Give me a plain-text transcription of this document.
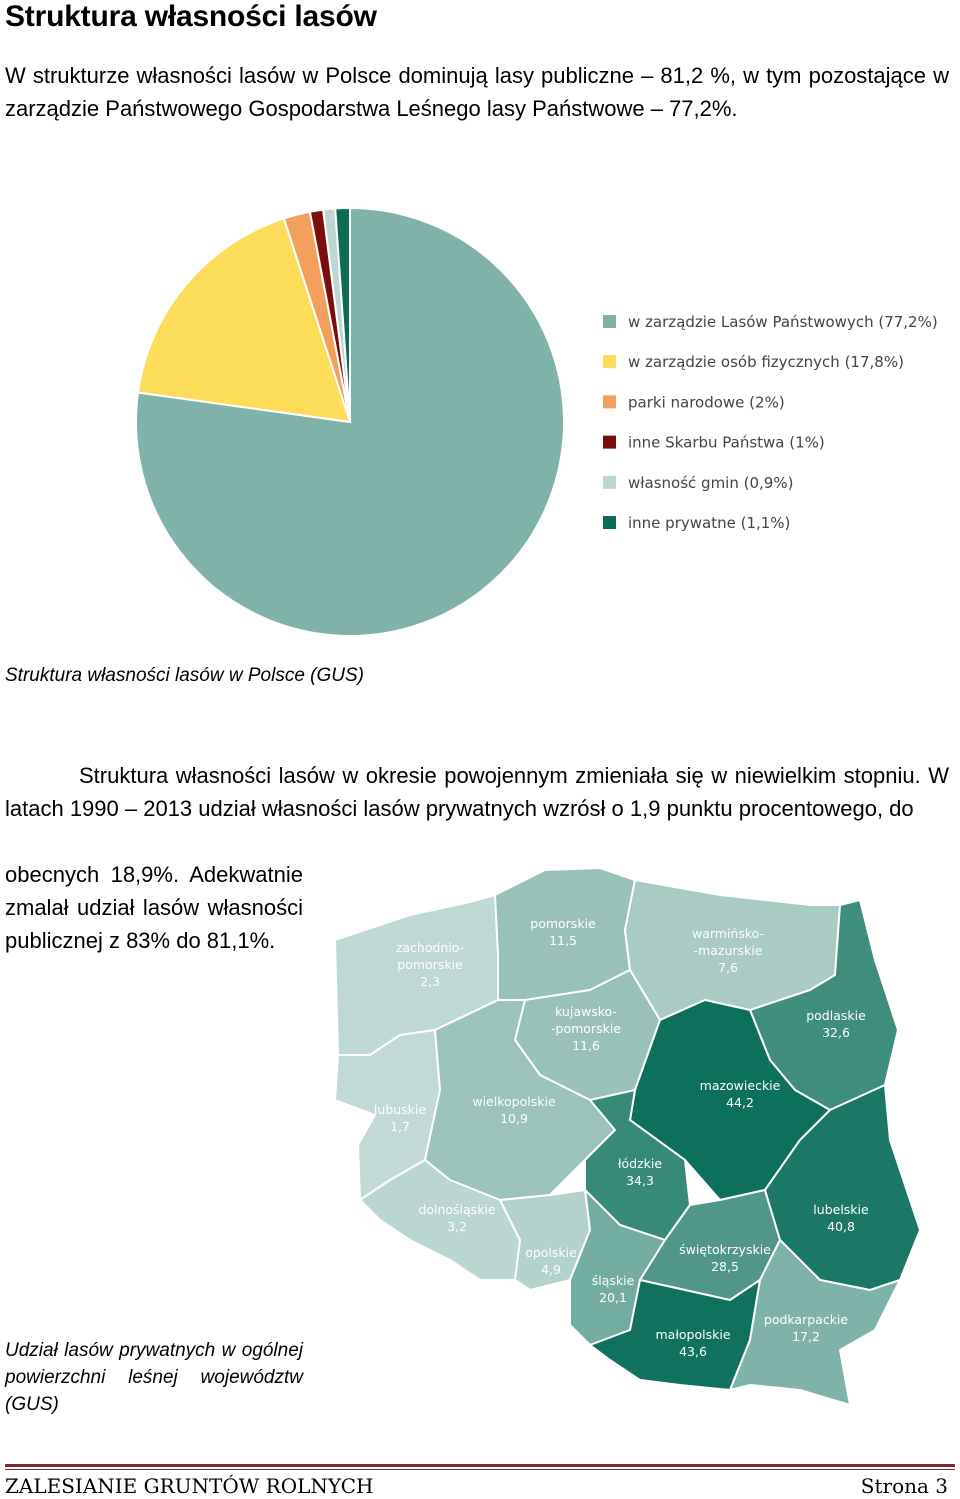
Struktura własności lasów

W strukturze własności lasów w Polsce dominują lasy publiczne – 81,2 %, w tym pozostające w zarządzie Państwowego Gospodarstwa Leśnego lasy Państwowe – 77,2%.

w zarządzie Lasów Państwowych (77,2%)
w zarządzie osób fizycznych (17,8%)
parki narodowe (2%)
inne Skarbu Państwa (1%)
własność gmin (0,9%)
inne prywatne (1,1%)

Struktura własności lasów w Polsce (GUS)

Struktura własności lasów w okresie powojennym zmieniała się w niewielkim stopniu. W latach 1990 – 2013 udział własności lasów prywatnych wzrósł o 1,9 punktu procentowego, do

obecnych 18,9%. Adekwatnie zmalał udział lasów własności publicznej z 83% do 81,1%.	zachodnio-
pomorskie
2,3
pomorskie
11,5	warmińsko-
-mazurskie
7,6
podlaskie
32,6
kujawsko-
-pomorskie
11,6
mazowieckie
44,2
lubuskie
1,7
wielkopolskie
10,9
łódzkie
34,3
dolnośląskie
3,2
opolskie
4,9
śląskie
20,1
świętokrzyskie
28,5
lubelskie
40,8
małopolskie
43,6
podkarpackie
17,2

Udział lasów prywatnych w ogólnej powierzchni leśnej województw (GUS)

ZALESIANIE GRUNTÓW ROLNYCH	Strona 3
